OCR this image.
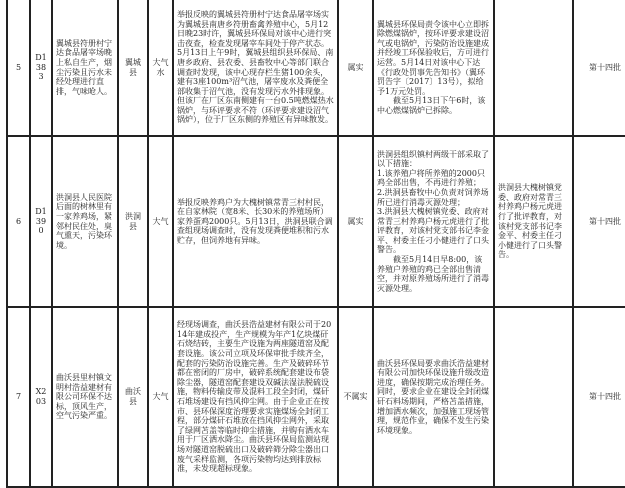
5	D1383	翼城县符册村宁达食品屠宰场晚上私自生产，烟尘污染且污水未经处理进行直排，气味呛人。	翼城县	大气 水	举报反映的翼城县符册村宁达食品屠宰场实为翼城县南唐乡符册畜禽养殖中心，5月12日晚23时许，翼城县环保局对该中心进行突击夜查，检查发现屠宰车间处于停产状态。5月13日上午9时，翼城县组织县环保局、南唐乡政府、县农委、县畜牧中心等部门联合调查时发现，该中心现存栏生猪100余头，建有3座100m³沼气池，屠宰废水及粪便全部收集于沼气池，没有发现污水外排现象。但该厂在厂区东南侧建有一台0.5吨燃煤热水锅炉，与环评要求不符（环评要求建设沼气锅炉），位于厂区东侧的养殖区有异味散发。	属实	翼城县环保局责令该中心立即拆除燃煤锅炉，按环评要求建设沼气或电锅炉，污染防治设施建成并经竣工环保验收后，方可进行运营。5月14日对该中心下达《行政处罚事先告知书》（翼环罚告字〔2017〕13号），拟给予1万元处罚。
截至5月13日下午6时，该中心燃煤锅炉已拆除。		第十四批
6	D1390	洪洞县人民医院后面的树林里有一家养鸡场，紧邻村民住处，臭气熏天，污染环境。	洪洞县	大气	举报反映养鸡户为大槐树镇常青三村村民，在自家林院（宽8米、长30米的养殖场所）家养蛋鸡2000只。5月13日，洪洞县联合调查组现场调查时，没有发现粪便堆积和污水贮存，但饲养地有异味。	属实	洪洞县组织镇村两级干部采取了以下措施：
1.该养殖户将所养殖的2000只鸡全部出售，不再进行养殖；
2.洪洞县畜牧中心负责对饲养场所已进行消毒灭源处理；
3.洪洞县大槐树镇党委、政府对常青三村养鸡户杨元虎进行了批评教育，对该村党支部书记李金平、村委主任刁小健进行了口头警告。
截至5月14日早8:00，该养殖户养殖的鸡已全部出售清空，并对原养殖场所进行了消毒灭源处理。	洪洞县大槐树镇党委、政府对常青三村养鸡户杨元虎进行了批评教育，对该村党支部书记李金平、村委主任刁小健进行了口头警告。	第十四批
7	X203	曲沃县里村镇文明村浩益建材有限公司环保不达标，顶风生产，空气污染严重。	曲沃县	大气	经现场调查，曲沃县浩益建材有限公司于2014年建成投产，生产规模为年产1亿块煤矸石烧结砖，主要生产设施为两座隧道窑及配套设施。该公司立项及环保审批手续齐全，配套的污染防治设施完善。生产及破碎环节都在密闭的厂房中，破碎系统配套建设布袋除尘器，隧道窑配套建设双碱法湿法脱硫设施，物料传输皮带及混料工段全封闭，煤矸石堆场建设有挡风抑尘网。由于企业正在按市、县环保深度治理要求实施煤场全封闭工程，部分煤矸石堆放在挡风抑尘网外，采取了绿网苫盖等临时抑尘措施，并购有洒水车用于厂区洒水降尘。曲沃县环保局监测站现场对隧道窑脱硫出口及破碎筛分除尘器出口废气采样监测，各项污染物均达到排放标准，未发现超标现象。	不属实	曲沃县环保局要求曲沃浩益建材有限公司加快环保设施升级改造进度，确保按期完成治理任务。同时，要求企业在建设全封闭煤矸石料场期间，严格苫盖措施，增加洒水频次，加强施工现场管理，规范作业，确保不发生污染环境现象。		第十四批
